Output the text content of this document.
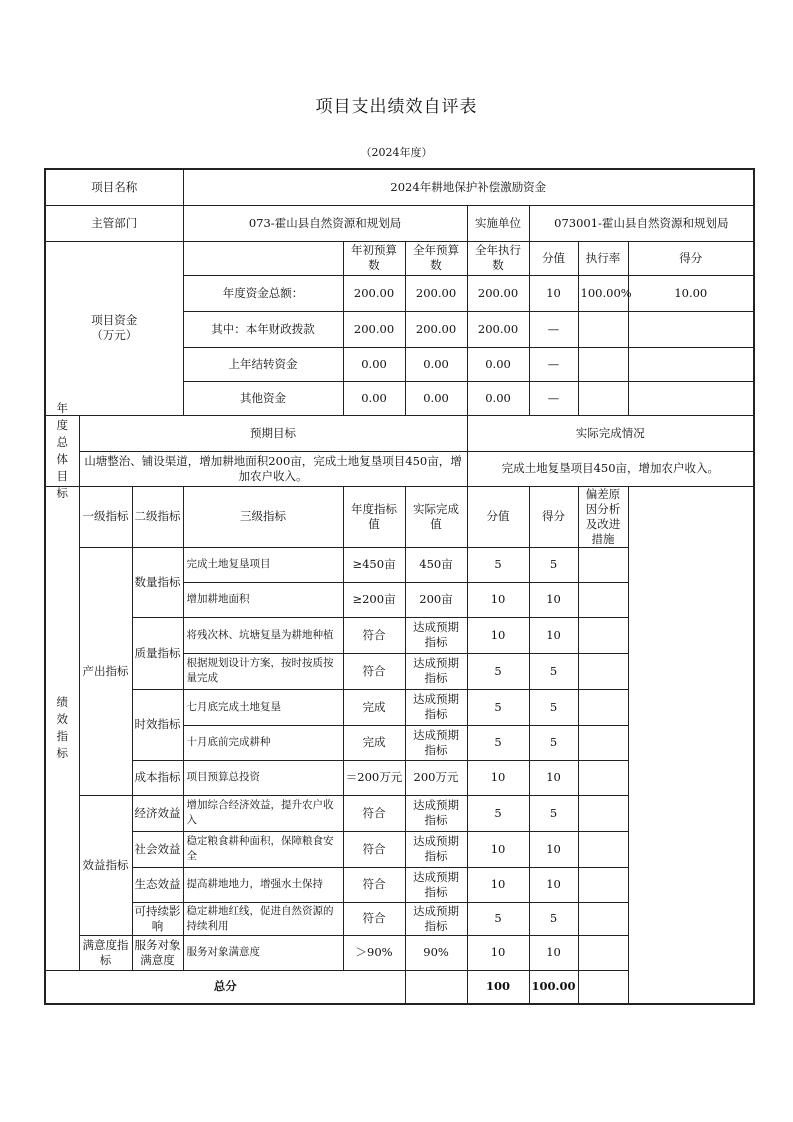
项目支出绩效自评表
（2024年度）
项目名称			2024年耕地保护补偿激励资金						
主管部门			073-霍山县自然资源和规划局			实施单位	073001-霍山县自然资源和规划局		

项目资金
（万元）				年初预算数	全年预算数	全年执行数	分值	执行率	得分
			年度资金总额：	200.00	200.00	200.00	10	100.00%	10.00
			其中：本年财政拨款	200.00	200.00	200.00	—		
			上年结转资金	0.00	0.00	0.00	—		
			其他资金	0.00	0.00	0.00	—		

年度总体目标	预期目标					实际完成情况			
	山塘整治、铺设渠道，增加耕地面积200亩，完成土地复垦项目450亩，增加农户收入。					完成土地复垦项目450亩，增加农户收入。			
绩效指标	一级指标	二级指标	三级指标	年度指标值	实际完成值	分值	得分	偏差原因分析及改进措施	
	产出指标	数量指标	完成土地复垦项目	≥450亩	450亩	5	5		
			增加耕地面积	≥200亩	200亩	10	10		
		质量指标	将残次林、坑塘复垦为耕地种植	符合	达成预期指标	10	10		
			根据规划设计方案，按时按质按量完成	符合	达成预期指标	5	5		
		时效指标	七月底完成土地复垦	完成	达成预期指标	5	5		
			十月底前完成耕种	完成	达成预期指标	5	5		
		成本指标	项目预算总投资	＝200万元	200万元	10	10		
	效益指标	经济效益	增加综合经济效益，提升农户收入	符合	达成预期指标	5	5		
		社会效益	稳定粮食耕种面积，保障粮食安全	符合	达成预期指标	10	10		
		生态效益	提高耕地地力，增强水土保持	符合	达成预期指标	10	10		
		可持续影响	稳定耕地红线，促进自然资源的持续利用	符合	达成预期指标	5	5		
	满意度指标	服务对象满意度	服务对象满意度	＞90%	90%	10	10		
总分						100	100.00		
